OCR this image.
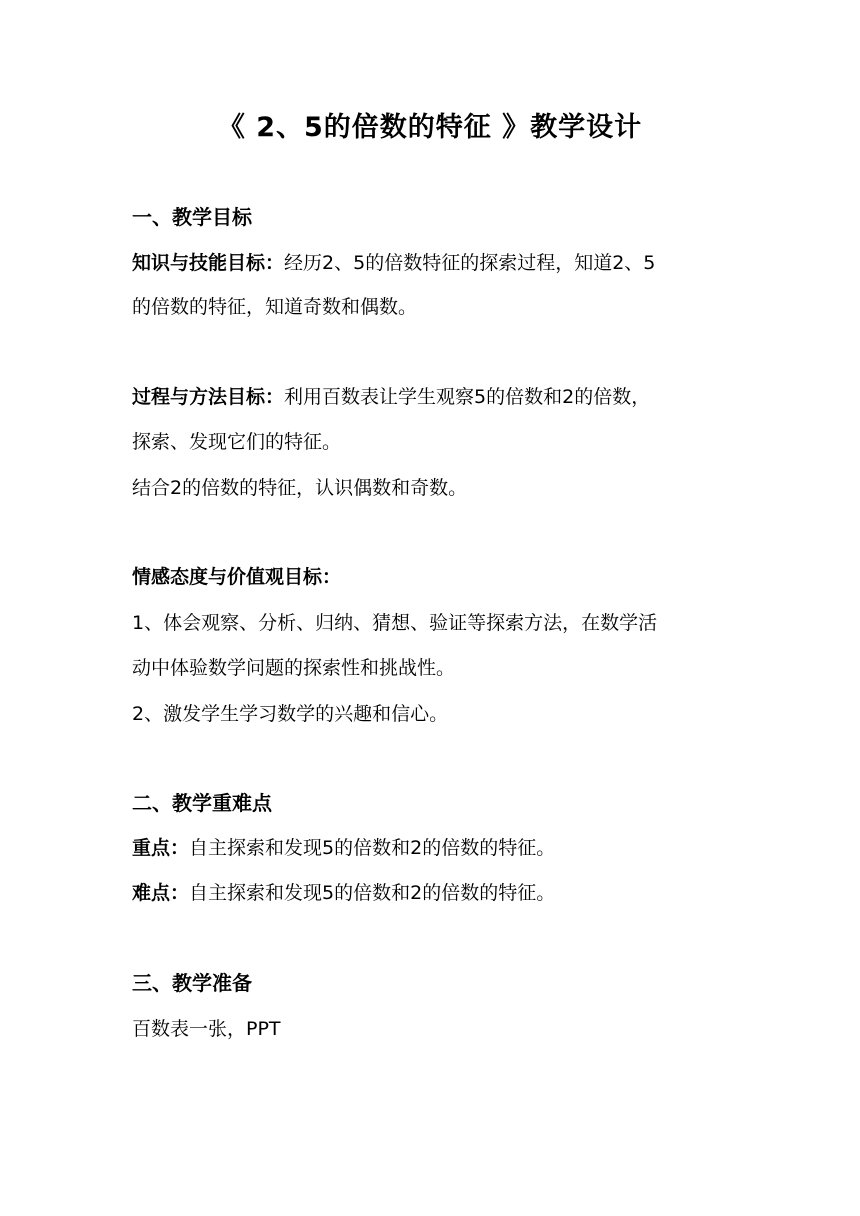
《 2、5的倍数的特征 》教学设计
一、教学目标
知识与技能目标：经历2、5的倍数特征的探索过程，知道2、5
的倍数的特征，知道奇数和偶数。
过程与方法目标：利用百数表让学生观察5的倍数和2的倍数，
探索、发现它们的特征。
结合2的倍数的特征，认识偶数和奇数。
情感态度与价值观目标：
1、体会观察、分析、归纳、猜想、验证等探索方法，在数学活
动中体验数学问题的探索性和挑战性。
2、激发学生学习数学的兴趣和信心。
二、教学重难点
重点：自主探索和发现5的倍数和2的倍数的特征。
难点：自主探索和发现5的倍数和2的倍数的特征。
三、教学准备
百数表一张，PPT
